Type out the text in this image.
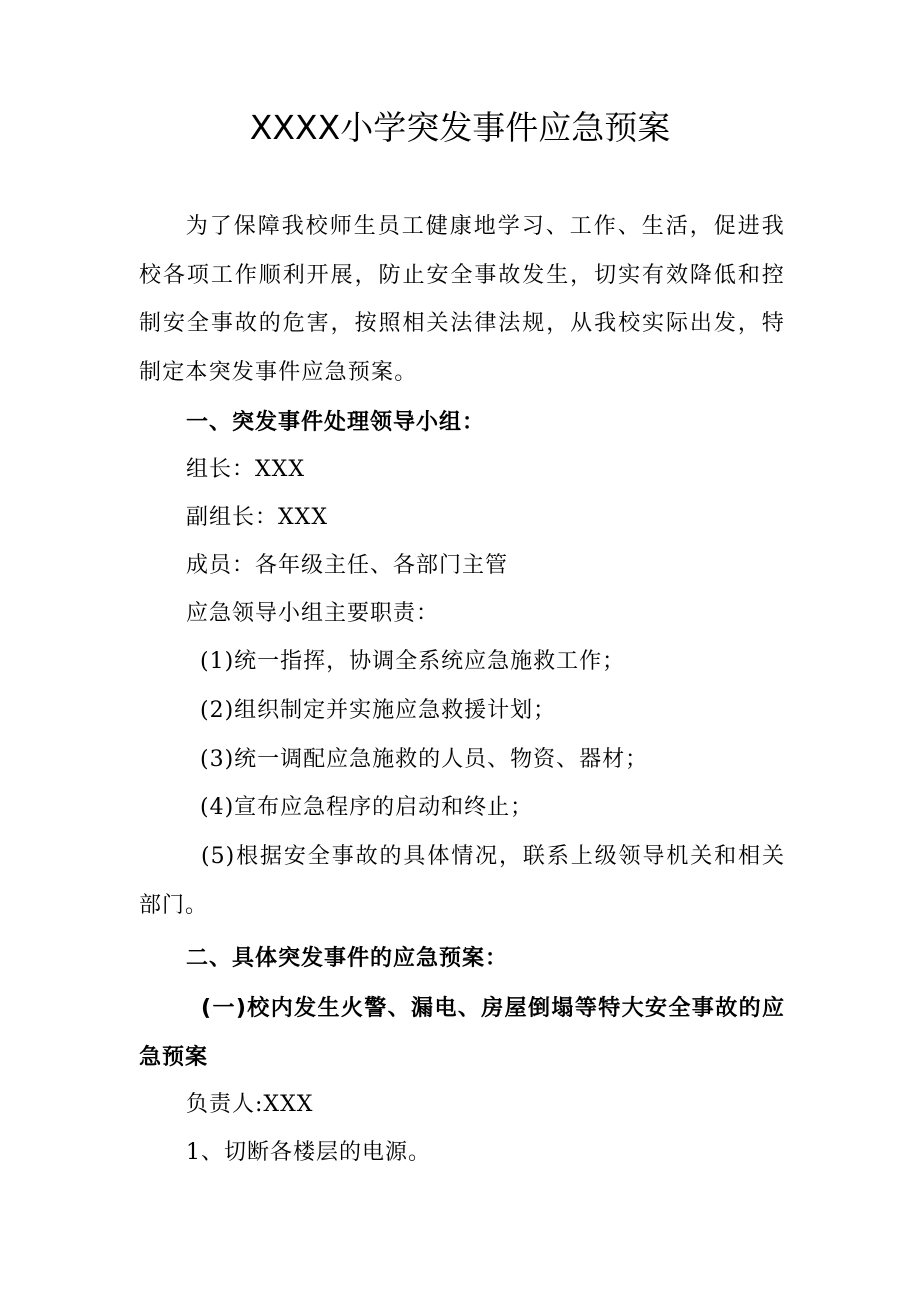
XXXX小学突发事件应急预案

为了保障我校师生员工健康地学习、工作、生活，促进我校各项工作顺利开展，防止安全事故发生，切实有效降低和控制安全事故的危害，按照相关法律法规，从我校实际出发，特制定本突发事件应急预案。

一、突发事件处理领导小组：
组长：XXX
副组长：XXX
成员：各年级主任、各部门主管
应急领导小组主要职责：
(1)统一指挥，协调全系统应急施救工作；
(2)组织制定并实施应急救援计划；
(3)统一调配应急施救的人员、物资、器材；
(4)宣布应急程序的启动和终止；

(5)根据安全事故的具体情况，联系上级领导机关和相关部门。

二、具体突发事件的应急预案：

(一)校内发生火警、漏电、房屋倒塌等特大安全事故的应急预案

负责人:XXX
1、切断各楼层的电源。
